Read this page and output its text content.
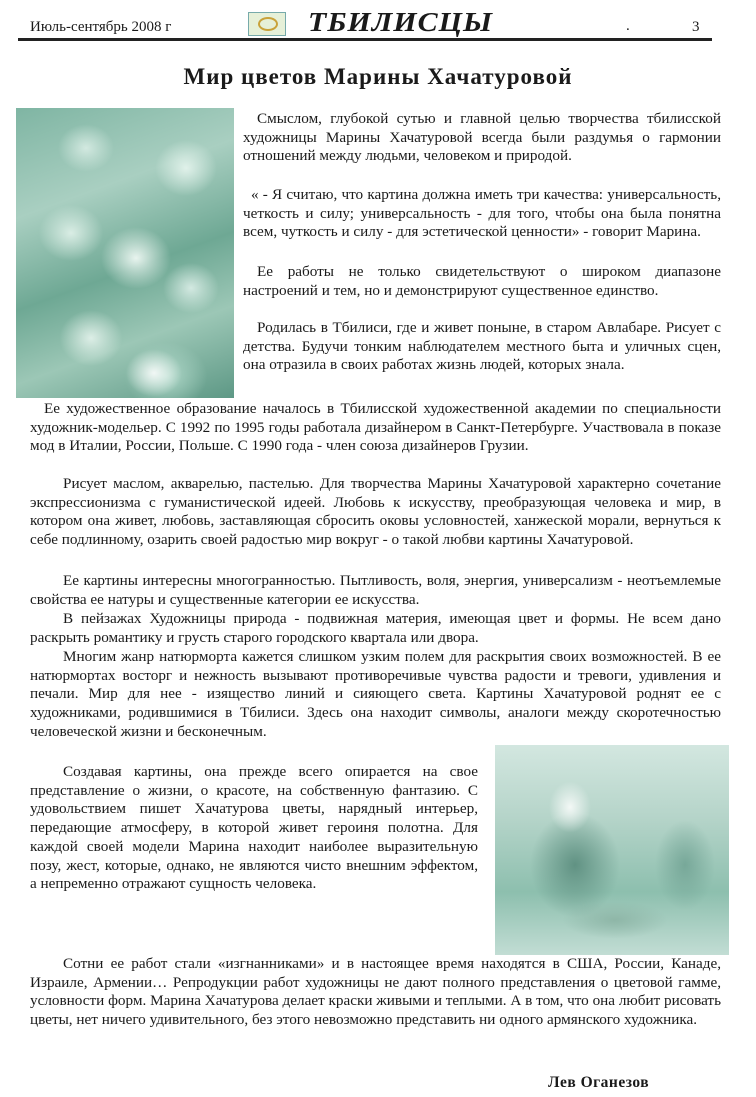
Июль-сентябрь 2008 г	ТБИЛИСЦЫ	.	3
Мир цветов Марины Хачатуровой

Смыслом, глубокой сутью и главной целью творчества тбилисской художницы Марины Хачатуровой всегда были раздумья о гармонии отношений между людьми, человеком и природой.

« - Я считаю, что картина должна иметь три качества: универсальность, четкость и силу; универсальность - для того, чтобы она была понятна всем, чуткость и силу - для эстетической ценности» - говорит Марина.

Ее работы не только свидетельствуют о широком диапазоне настроений и тем, но и демонстрируют существенное единство.

Родилась в Тбилиси, где и живет поныне, в старом Авлабаре. Рисует с детства. Будучи тонким наблюдателем местного быта и уличных сцен, она отразила в своих работах жизнь людей, которых знала.

Ее художественное образование началось в Тбилисской художественной академии по специальности художник-модельер. С 1992 по 1995 годы работала дизайнером в Санкт-Петербурге. Участвовала в показе мод в Италии, России, Польше. С 1990 года - член союза дизайнеров Грузии.

Рисует маслом, акварелью, пастелью. Для творчества Марины Хачатуровой характерно сочетание экспрессионизма с гуманистической идеей. Любовь к искусству, преобразующая человека и мир, в котором она живет, любовь, заставляющая сбросить оковы условностей, ханжеской морали, вернуться к себе подлинному, озарить своей радостью мир вокруг - о такой любви картины Хачатуровой.

Ее картины интересны многогранностью. Пытливость, воля, энергия, универсализм - неотъемлемые свойства ее натуры и существенные категории ее искусства.

В пейзажах Художницы природа - подвижная материя, имеющая цвет и формы. Не всем дано раскрыть романтику и грусть старого городского квартала или двора.

Многим жанр натюрморта кажется слишком узким полем для раскрытия своих возможностей. В ее натюрмортах восторг и нежность вызывают противоречивые чувства радости и тревоги, удивления и печали. Мир для нее - изящество линий и сияющего света. Картины Хачатуровой роднят ее с художниками, родившимися в Тбилиси. Здесь она находит символы, аналоги между скоротечностью человеческой жизни и бесконечным.

Создавая картины, она прежде всего опирается на свое представление о жизни, о красоте, на собственную фантазию. С удовольствием пишет Хачатурова цветы, нарядный интерьер, передающие атмосферу, в которой живет героиня полотна. Для каждой своей модели Марина находит наиболее выразительную позу, жест, которые, однако, не являются чисто внешним эффектом, а непременно отражают сущность человека.

Сотни ее работ стали «изгнанниками» и в настоящее время находятся в США, России, Канаде, Израиле, Армении… Репродукции работ художницы не дают полного представления о цветовой гамме, условности форм. Марина Хачатурова делает краски живыми и теплыми. А в том, что она любит рисовать цветы, нет ничего удивительного, без этого невозможно представить ни одного армянского художника.

Лев Оганезов
